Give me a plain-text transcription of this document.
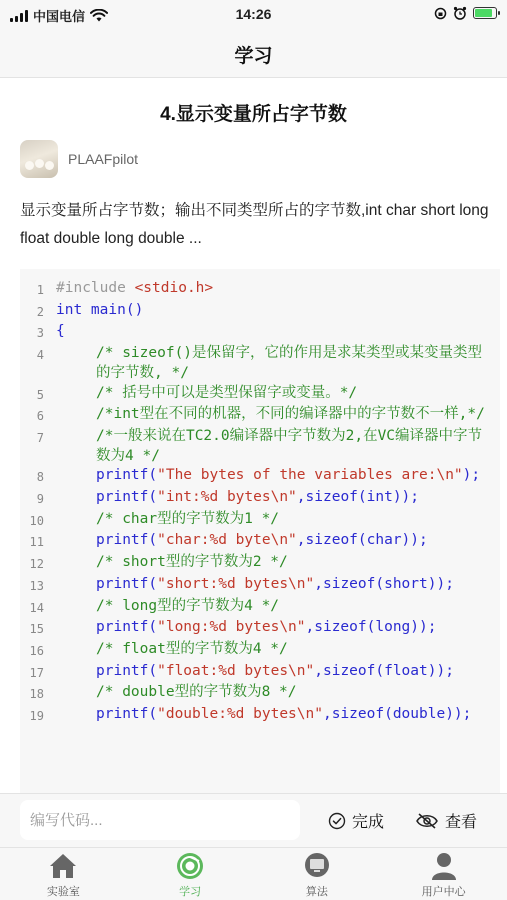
中国电信	14:26
学习
4.显示变量所占字节数
PLAAFpilot
显示变量所占字节数；输出不同类型所占的字节数,int char short long float double long double ...
1 #include <stdio.h>
2 int main()
3 {
4	/* sizeof()是保留字，它的作用是求某类型或某变量类型的字节数, */
5	/* 括号中可以是类型保留字或变量。*/
6	/*int型在不同的机器，不同的编译器中的字节数不一样,*/
7	/*一般来说在TC2.0编译器中字节数为2,在VC编译器中字节数为4 */
8	printf("The bytes of the variables are:\n");
9	printf("int:%d bytes\n",sizeof(int));
10	/* char型的字节数为1 */
11	printf("char:%d byte\n",sizeof(char));
12	/* short型的字节数为2 */
13	printf("short:%d bytes\n",sizeof(short));
14	/* long型的字节数为4 */
15	printf("long:%d bytes\n",sizeof(long));
16	/* float型的字节数为4 */
17	printf("float:%d bytes\n",sizeof(float));
18	/* double型的字节数为8 */
19	printf("double:%d bytes\n",sizeof(double));
编写代码...
完成	查看
实验室	学习	算法	用户中心
